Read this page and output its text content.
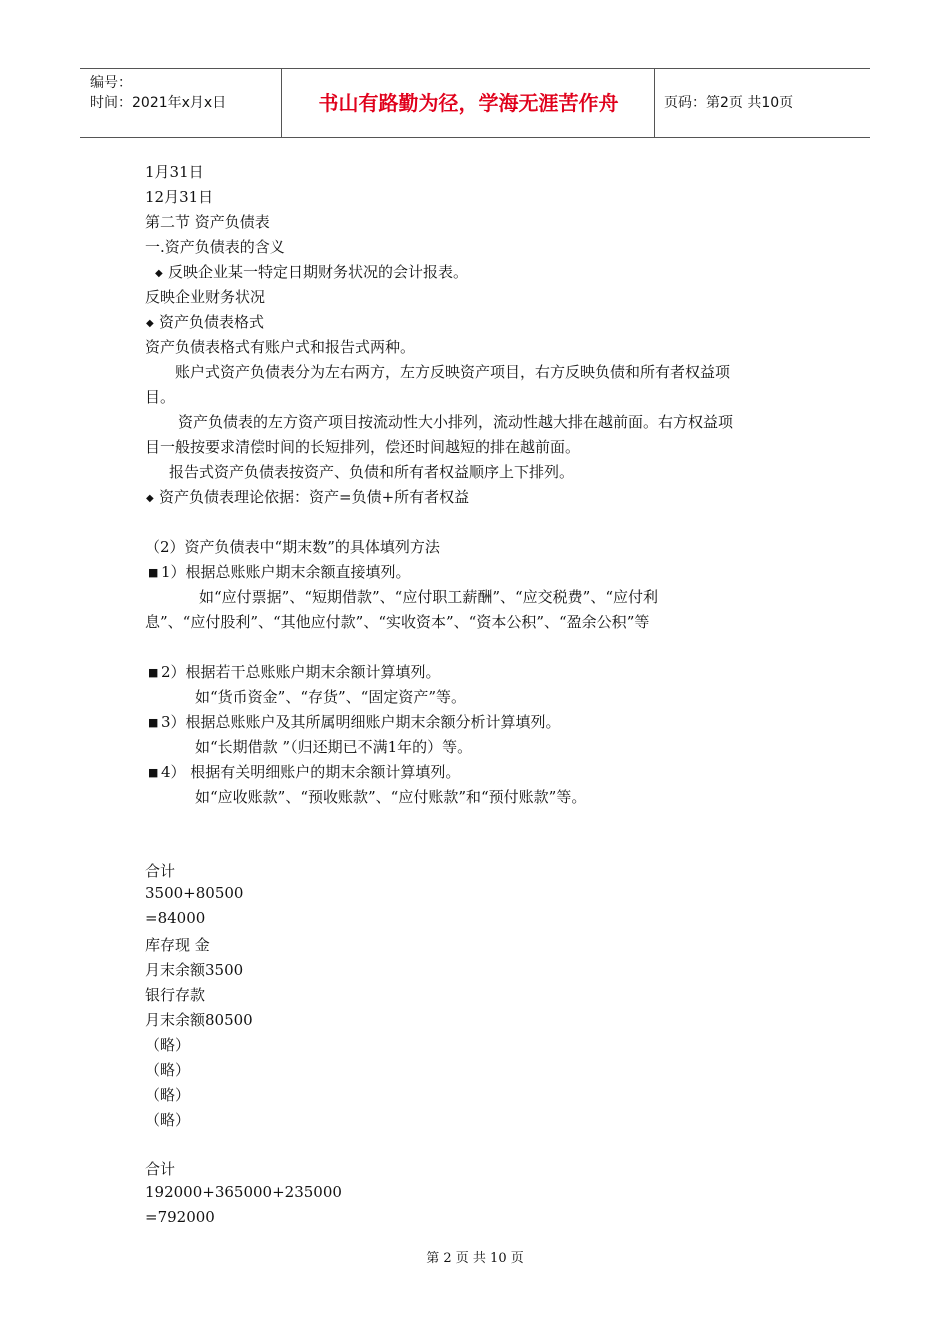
编号：
时间：2021年x月x日	书山有路勤为径，学海无涯苦作舟	页码：第2页 共10页
1月31日
12月31日
第二节 资产负债表
一.资产负债表的含义
◆ 反映企业某一特定日期财务状况的会计报表。
反映企业财务状况
◆ 资产负债表格式
资产负债表格式有账户式和报告式两种。
账户式资产负债表分为左右两方，左方反映资产项目，右方反映负债和所有者权益项
目。
资产负债表的左方资产项目按流动性大小排列，流动性越大排在越前面。右方权益项
目一般按要求清偿时间的长短排列，偿还时间越短的排在越前面。
报告式资产负债表按资产、负债和所有者权益顺序上下排列。
◆ 资产负债表理论依据：资产=负债+所有者权益
（2）资产负债表中“期末数”的具体填列方法
■ 1）根据总账账户期末余额直接填列。
如“应付票据”、“短期借款”、“应付职工薪酬”、“应交税费”、“应付利
息”、“应付股利”、“其他应付款”、“实收资本”、“资本公积”、“盈余公积”等
■ 2）根据若干总账账户期末余额计算填列。
如“货币资金”、“存货”、“固定资产”等。
■ 3）根据总账账户及其所属明细账户期末余额分析计算填列。
如“长期借款 ”（归还期已不满1年的）等。
■ 4） 根据有关明细账户的期末余额计算填列。
如“应收账款”、“预收账款”、“应付账款”和“预付账款”等。
合计
3500+80500
=84000
库存现 金
月末余额3500
银行存款
月末余额80500
（略）
（略）
（略）
（略）
合计
192000+365000+235000
=792000
第 2 页 共 10 页
